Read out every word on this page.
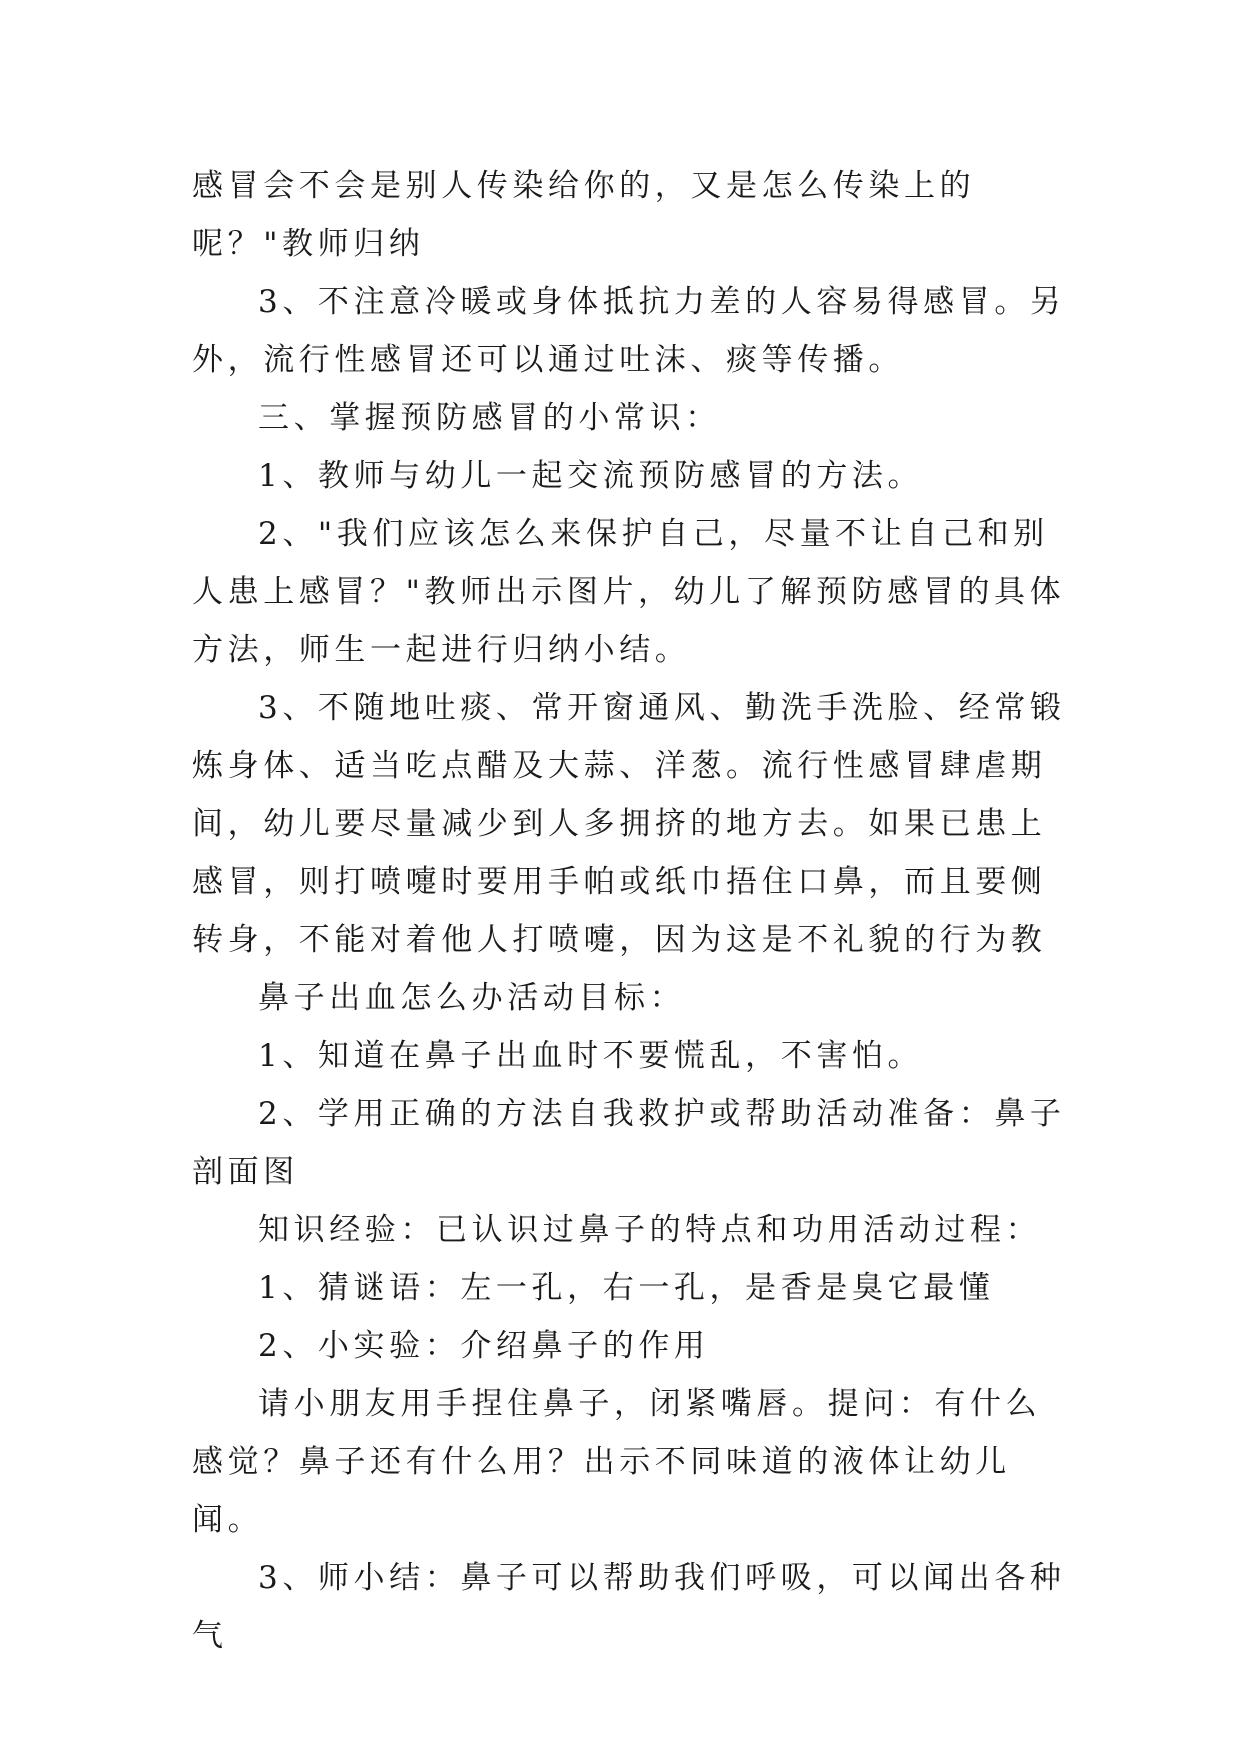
感冒会不会是别人传染给你的，又是怎么传染上的呢？"教师归纳

3、不注意冷暖或身体抵抗力差的人容易得感冒。另外，流行性感冒还可以通过吐沫、痰等传播。

三、掌握预防感冒的小常识：

1、教师与幼儿一起交流预防感冒的方法。

2、"我们应该怎么来保护自己，尽量不让自己和别人患上感冒？"教师出示图片，幼儿了解预防感冒的具体方法，师生一起进行归纳小结。

3、不随地吐痰、常开窗通风、勤洗手洗脸、经常锻炼身体、适当吃点醋及大蒜、洋葱。流行性感冒肆虐期间，幼儿要尽量减少到人多拥挤的地方去。如果已患上感冒，则打喷嚏时要用手帕或纸巾捂住口鼻，而且要侧转身，不能对着他人打喷嚏，因为这是不礼貌的行为教

鼻子出血怎么办活动目标：

1、知道在鼻子出血时不要慌乱，不害怕。

2、学用正确的方法自我救护或帮助活动准备：鼻子剖面图

知识经验：已认识过鼻子的特点和功用活动过程：

1、猜谜语：左一孔，右一孔，是香是臭它最懂

2、小实验：介绍鼻子的作用

请小朋友用手捏住鼻子，闭紧嘴唇。提问：有什么感觉？鼻子还有什么用？出示不同味道的液体让幼儿闻。

3、师小结：鼻子可以帮助我们呼吸，可以闻出各种气
